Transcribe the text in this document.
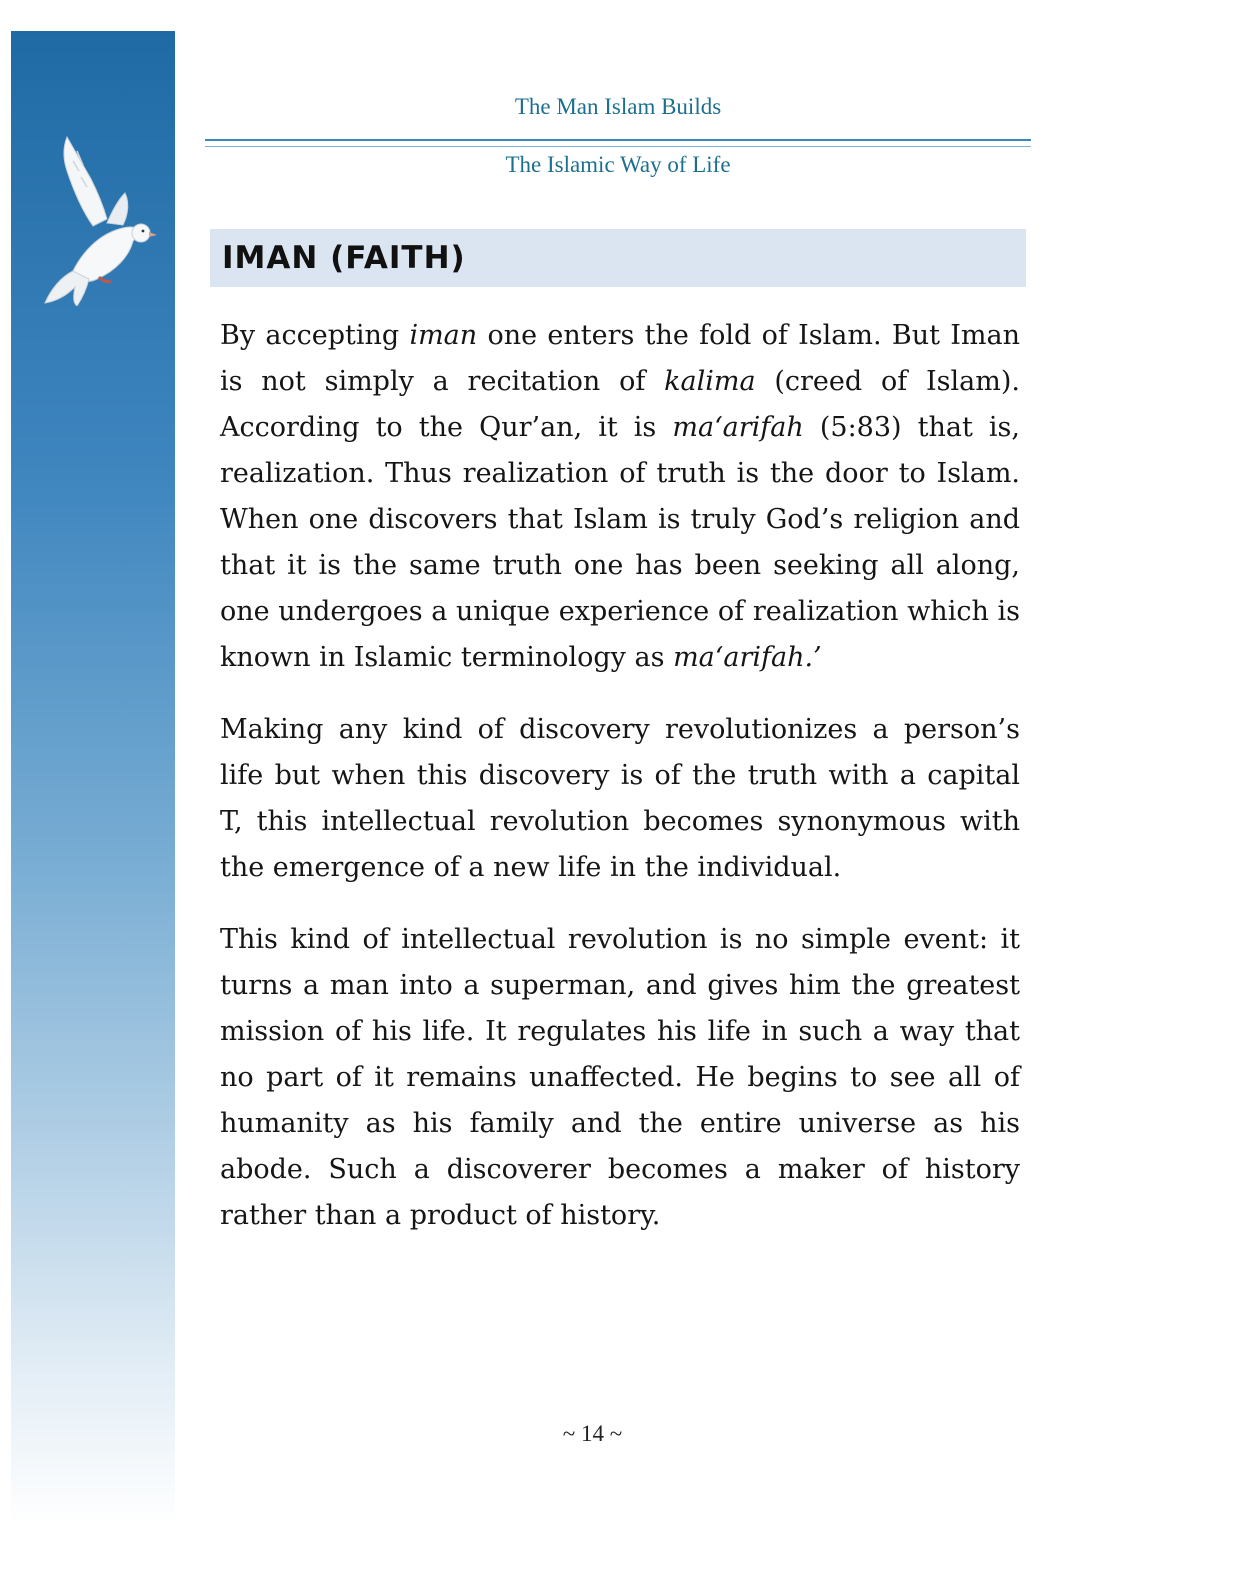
The Man Islam Builds
The Islamic Way of Life
IMAN (FAITH)

By accepting iman one enters the fold of Islam. But Iman is not simply a recitation of kalima (creed of Islam). According to the Qur’an, it is ma‘arifah (5:83) that is, realization. Thus realization of truth is the door to Islam. When one discovers that Islam is truly God’s religion and that it is the same truth one has been seeking all along, one undergoes a unique experience of realization which is known in Islamic terminology as ma‘arifah.’

Making any kind of discovery revolutionizes a person’s life but when this discovery is of the truth with a capital T, this intellectual revolution becomes synonymous with the emergence of a new life in the individual.

This kind of intellectual revolution is no simple event: it turns a man into a superman, and gives him the greatest mission of his life. It regulates his life in such a way that no part of it remains unaffected. He begins to see all of humanity as his family and the entire universe as his abode. Such a discoverer becomes a maker of history rather than a product of history.

~ 14 ~
